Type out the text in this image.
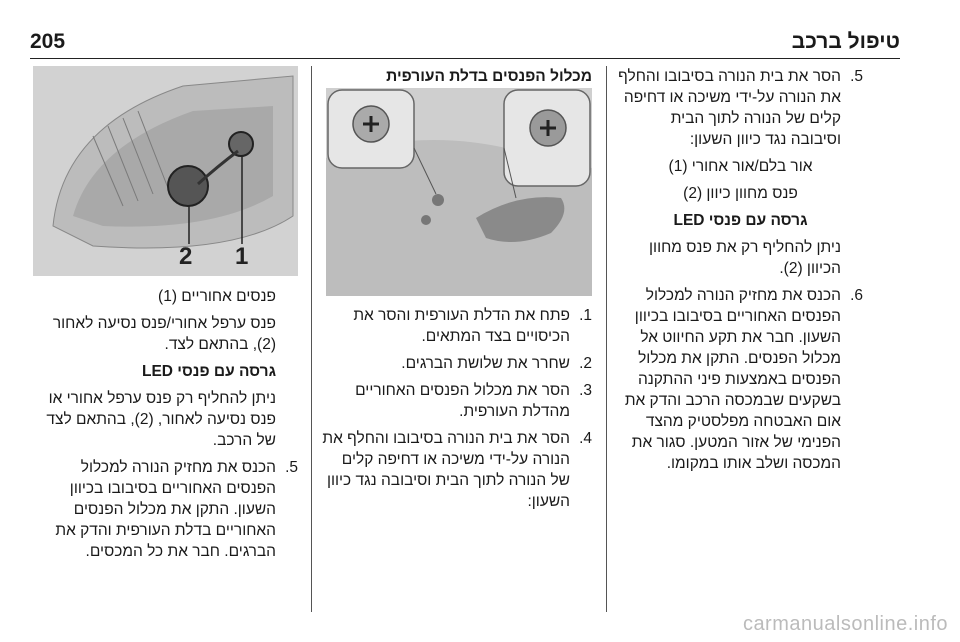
205	טיפול ברכב
5.
הסר את בית הנורה בסיבובו והחלף את הנורה על-ידי משיכה או דחיפה קלים של הנורה לתוך הבית וסיבובה נגד כיוון השעון:

אור בלם/אור אחורי (1)

פנס מחוון כיוון (2)

גרסה עם פנסי LED

ניתן להחליף רק את פנס מחוון הכיוון (2).

6.
הכנס את מחזיק הנורה למכלול הפנסים האחוריים בסיבובו בכיוון השעון. חבר את תקע החיווט אל מכלול הפנסים. התקן את מכלול הפנסים באמצעות פיני ההתקנה בשקעים שבמכסה הרכב והדק את אום האבטחה מפלסטיק מהצד הפנימי של אזור המטען. סגור את המכסה ושלב אותו במקומו.

מכלול הפנסים בדלת העורפית

1.
פתח את הדלת העורפית והסר את הכיסויים בצד המתאים.
2.
שחרר את שלושת הברגים.
3.
הסר את מכלול הפנסים האחוריים מהדלת העורפית.
4.
הסר את בית הנורה בסיבובו והחלף את הנורה על-ידי משיכה או דחיפה קלים של הנורה לתוך הבית וסיבובה נגד כיוון השעון:
2 1

פנסים אחוריים (1)

פנס ערפל אחורי/פנס נסיעה לאחור (2), בהתאם לצד.

גרסה עם פנסי LED

ניתן להחליף רק פנס ערפל אחורי או פנס נסיעה לאחור, (2), בהתאם לצד של הרכב.

5.
הכנס את מחזיק הנורה למכלול הפנסים האחוריים בסיבובו בכיוון השעון. התקן את מכלול הפנסים האחוריים בדלת העורפית והדק את הברגים. חבר את כל המכסים.
carmanualsonline.info
